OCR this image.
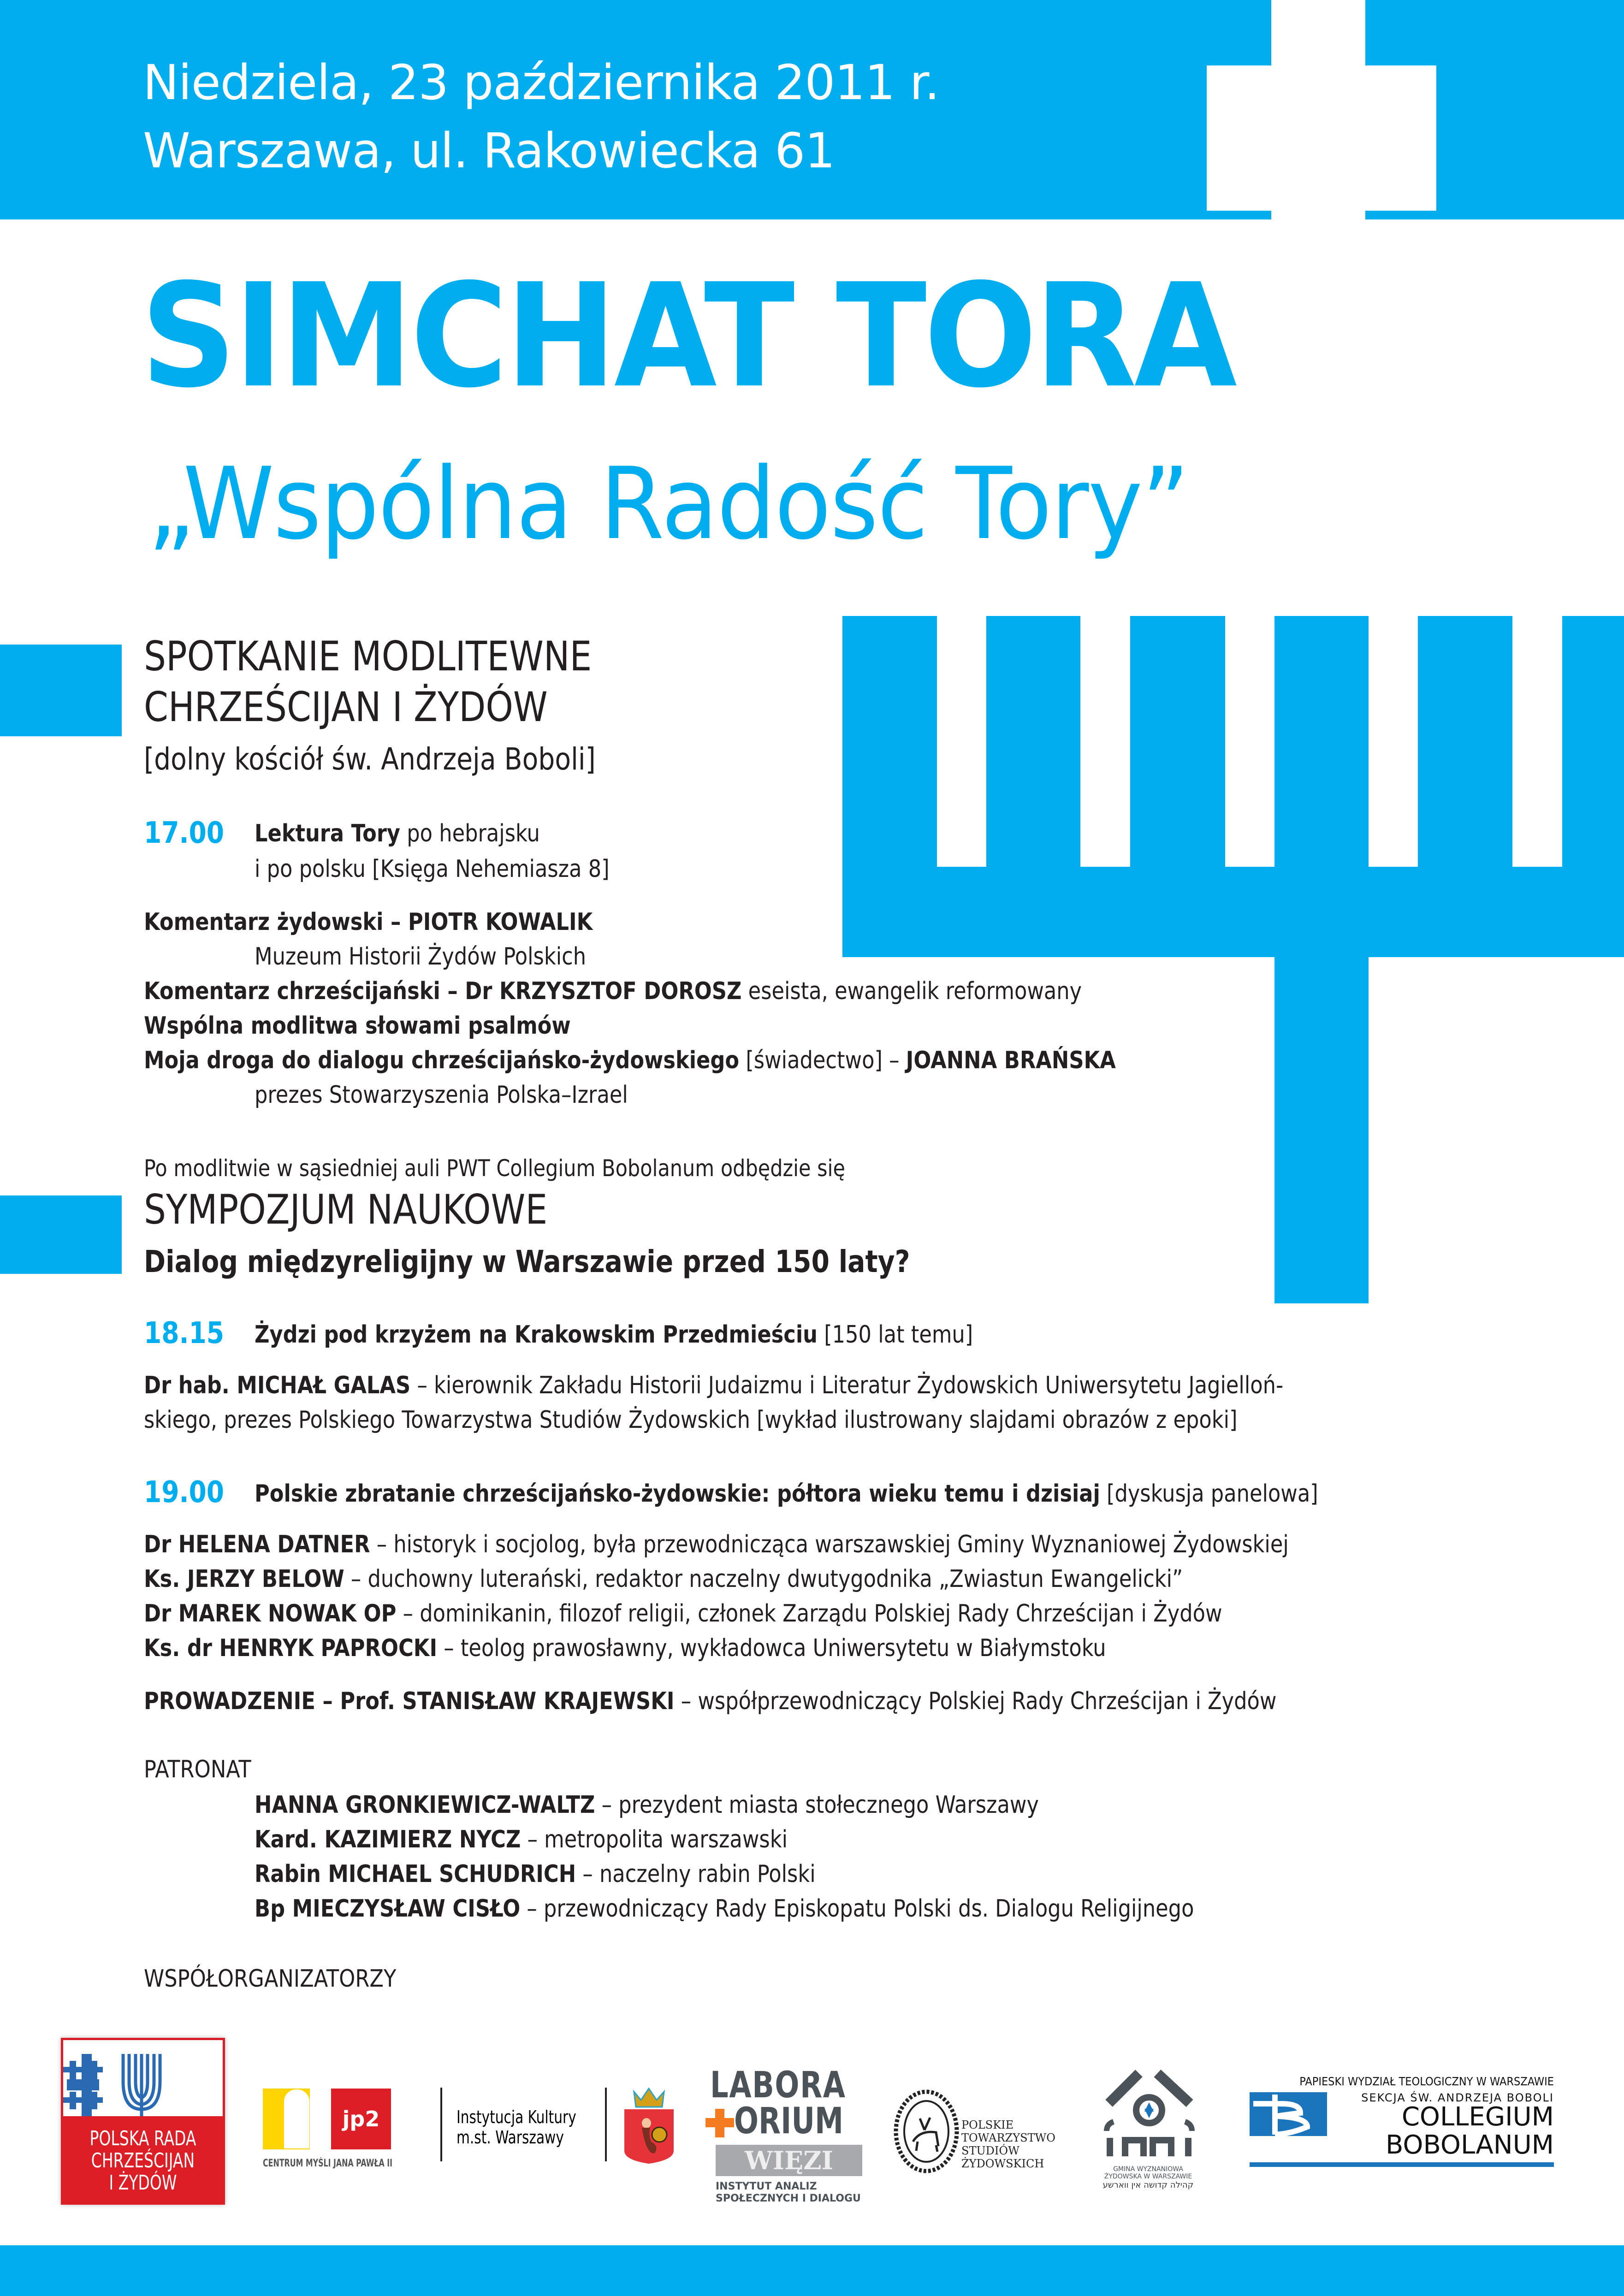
Niedziela, 23 października 2011 r.
Warszawa, ul. Rakowiecka 61
SIMCHAT TORA
„Wspólna Radość Tory”
SPOTKANIE MODLITEWNE
CHRZEŚCIJAN I ŻYDÓW
[dolny kościół św. Andrzeja Boboli]
17.00 Lektura Tory po hebrajsku
i po polsku [Księga Nehemiasza 8]
Komentarz żydowski – PIOTR KOWALIK
Muzeum Historii Żydów Polskich
Komentarz chrześcijański – Dr KRZYSZTOF DOROSZ eseista, ewangelik reformowany
Wspólna modlitwa słowami psalmów
Moja droga do dialogu chrześcijańsko-żydowskiego [świadectwo] – JOANNA BRAŃSKA
prezes Stowarzyszenia Polska–Izrael
Po modlitwie w sąsiedniej auli PWT Collegium Bobolanum odbędzie się
SYMPOZJUM NAUKOWE
Dialog międzyreligijny w Warszawie przed 150 laty?
18.15 Żydzi pod krzyżem na Krakowskim Przedmieściu [150 lat temu]
Dr hab. MICHAŁ GALAS – kierownik Zakładu Historii Judaizmu i Literatur Żydowskich Uniwersytetu Jagielloń-
skiego, prezes Polskiego Towarzystwa Studiów Żydowskich [wykład ilustrowany slajdami obrazów z epoki]
19.00 Polskie zbratanie chrześcijańsko-żydowskie: półtora wieku temu i dzisiaj [dyskusja panelowa]
Dr HELENA DATNER – historyk i socjolog, była przewodnicząca warszawskiej Gminy Wyznaniowej Żydowskiej
Ks. JERZY BELOW – duchowny luterański, redaktor naczelny dwutygodnika „Zwiastun Ewangelicki”
Dr MAREK NOWAK OP – dominikanin, filozof religii, członek Zarządu Polskiej Rady Chrześcijan i Żydów
Ks. dr HENRYK PAPROCKI – teolog prawosławny, wykładowca Uniwersytetu w Białymstoku
PROWADZENIE – Prof. STANISŁAW KRAJEWSKI – współprzewodniczący Polskiej Rady Chrześcijan i Żydów
PATRONAT
HANNA GRONKIEWICZ-WALTZ – prezydent miasta stołecznego Warszawy
Kard. KAZIMIERZ NYCZ – metropolita warszawski
Rabin MICHAEL SCHUDRICH – naczelny rabin Polski
Bp MIECZYSŁAW CISŁO – przewodniczący Rady Episkopatu Polski ds. Dialogu Religijnego
WSPÓŁORGANIZATORZY
POLSKA RADA CHRZEŚCIJAN I ŻYDÓW
jp2
CENTRUM MYŚLI JANA PAWŁA II
Instytucja Kultury
m.st. Warszawy
LABORA
ORIUM
WIĘZI
INSTYTUT ANALIZ
SPOŁECZNYCH I DIALOGU
POLSKIE
TOWARZYSTWO
STUDIÓW
ŻYDOWSKICH	GMINA WYZNANIOWA
ŻYDOWSKA W WARSZAWIE
קהילה קדושה אין ווארשע
PAPIESKI WYDZIAŁ TEOLOGICZNY W WARSZAWIE
SEKCJA ŚW. ANDRZEJA BOBOLI
COLLEGIUM
BOBOLANUM
